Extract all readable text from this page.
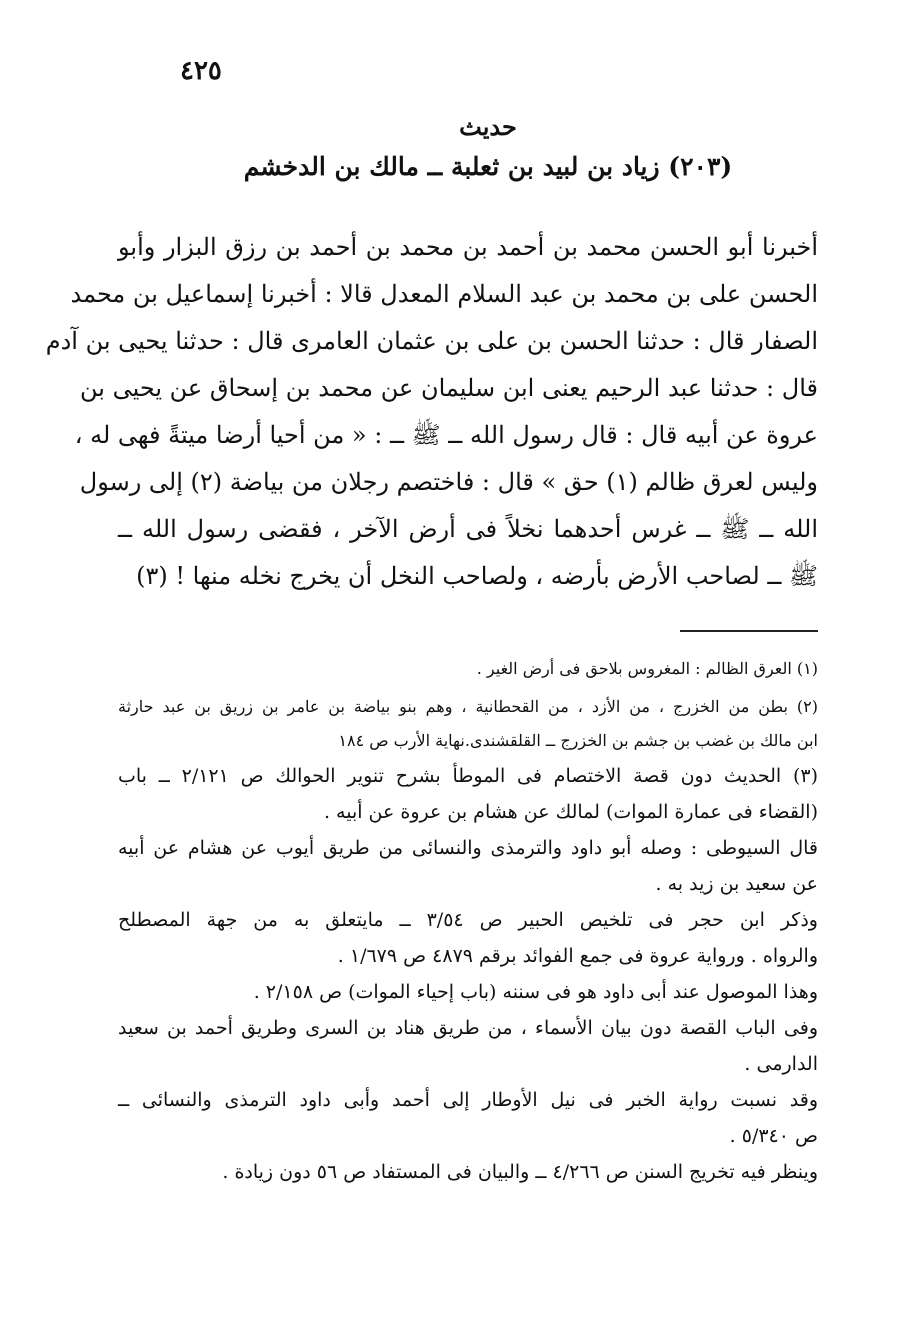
٤٢٥
حديث
(٢٠٣) زياد بن لبيد بن ثعلبة ــ مالك بن الدخشم
أخبرنا أبو الحسن محمد بن أحمد بن محمد بن أحمد بن رزق البزار وأبو
الحسن على بن محمد بن عبد السلام المعدل قالا : أخبرنا إسماعيل بن محمد
الصفار قال : حدثنا الحسن بن على بن عثمان العامرى قال : حدثنا يحيى بن آدم
قال : حدثنا عبد الرحيم يعنى ابن سليمان عن محمد بن إسحاق عن يحيى بن
عروة عن أبيه قال : قال رسول الله ــ ﷺ ــ : « من أحيا أرضا ميتةً فهى له ،
وليس لعرق ظالم (١) حق » قال : فاختصم رجلان من بياضة (٢) إلى رسول
الله ــ ﷺ ــ غرس أحدهما نخلاً فى أرض الآخر ، فقضى رسول الله ــ
ﷺ ــ لصاحب الأرض بأرضه ، ولصاحب النخل أن يخرج نخله منها ! (٣)
(١) العرق الظالم : المغروس بلاحق فى أرض الغير .
(٢) بطن من الخزرج ، من الأزد ، من القحطانية ، وهم بنو بياضة بن عامر بن زريق بن عبد حارثة
ابن مالك بن غضب بن جشم بن الخزرج ــ القلقشندى.نهاية الأرب ص ١٨٤
(٣) الحديث دون قصة الاختصام فى الموطأ بشرح تنوير الحوالك ص ٢/١٢١ ــ باب
(القضاء فى عمارة الموات) لمالك عن هشام بن عروة عن أبيه .
قال السيوطى : وصله أبو داود والترمذى والنسائى من طريق أيوب عن هشام عن أبيه
عن سعيد بن زيد به .
وذكر ابن حجر فى تلخيص الحبير ص ٣/٥٤ ــ مايتعلق به من جهة المصطلح
والرواه . ورواية عروة فى جمع الفوائد برقم ٤٨٧٩ ص ١/٦٧٩ .
وهذا الموصول عند أبى داود هو فى سننه (باب إحياء الموات) ص ٢/١٥٨ .
وفى الباب القصة دون بيان الأسماء ، من طريق هناد بن السرى وطريق أحمد بن سعيد
الدارمى .
وقد نسبت رواية الخبر فى نيل الأوطار إلى أحمد وأبى داود الترمذى والنسائى ــ
ص ٥/٣٤٠ .
وينظر فيه تخريج السنن ص ٤/٢٦٦ ــ والبيان فى المستفاد ص ٥٦ دون زيادة .
